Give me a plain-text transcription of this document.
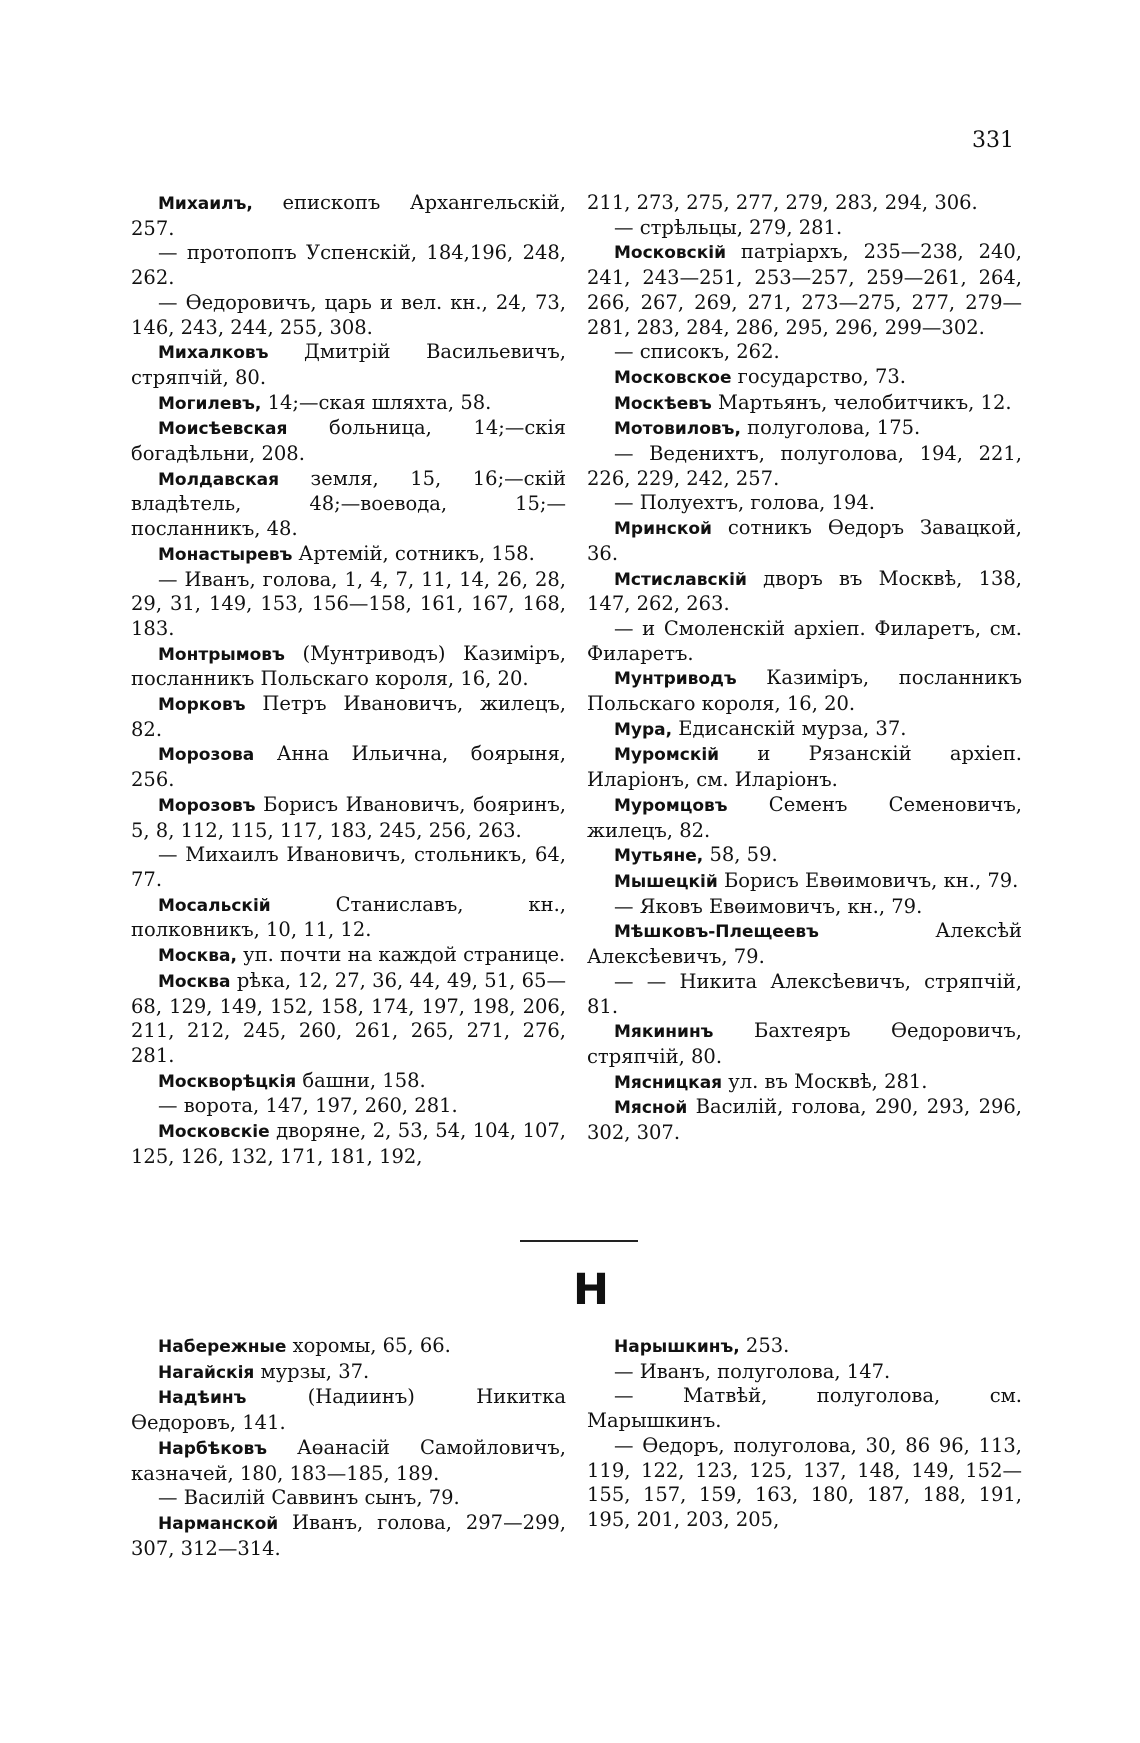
331

Михаилъ, епископъ Архангельскій, 257.

— протопопъ Успенскій, 184,196, 248, 262.

— Өедоровичъ, царь и вел. кн., 24, 73, 146, 243, 244, 255, 308.

Михалковъ Дмитрій Васильевичъ, стряпчій, 80.

Могилевъ, 14;—ская шляхта, 58.

Моисѣевская больница, 14;—скія богадѣльни, 208.

Молдавская земля, 15, 16;—скій владѣтель, 48;—воевода, 15;—посланникъ, 48.

Монастыревъ Артемій, сотникъ, 158.

— Иванъ, голова, 1, 4, 7, 11, 14, 26, 28, 29, 31, 149, 153, 156—158, 161, 167, 168, 183.

Монтрымовъ (Мунтриводъ) Казиміръ, посланникъ Польскаго короля, 16, 20.

Морковъ Петръ Ивановичъ, жилецъ, 82.

Морозова Анна Ильична, боярыня, 256.

Морозовъ Борисъ Ивановичъ, бояринъ, 5, 8, 112, 115, 117, 183, 245, 256, 263.

— Михаилъ Ивановичъ, стольникъ, 64, 77.

Мосальскій Станиславъ, кн., полковникъ, 10, 11, 12.

Москва, уп. почти на каждой странице.

Москва рѣка, 12, 27, 36, 44, 49, 51, 65—68, 129, 149, 152, 158, 174, 197, 198, 206, 211, 212, 245, 260, 261, 265, 271, 276, 281.

Москворѣцкія башни, 158.

— ворота, 147, 197, 260, 281.

Московскіе дворяне, 2, 53, 54, 104, 107, 125, 126, 132, 171, 181, 192,

211, 273, 275, 277, 279, 283, 294, 306.

— стрѣльцы, 279, 281.

Московскій патріархъ, 235—238, 240, 241, 243—251, 253—257, 259—261, 264, 266, 267, 269, 271, 273—275, 277, 279—281, 283, 284, 286, 295, 296, 299—302.

— списокъ, 262.

Московское государство, 73.

Москѣевъ Мартьянъ, челобитчикъ, 12.

Мотовиловъ, полуголова, 175.

— Веденихтъ, полуголова, 194, 221, 226, 229, 242, 257.

— Полуехтъ, голова, 194.

Мринской сотникъ Өедоръ Завацкой, 36.

Мстиславскій дворъ въ Москвѣ, 138, 147, 262, 263.

— и Смоленскій архіеп. Филаретъ, см. Филаретъ.

Мунтриводъ Казиміръ, посланникъ Польскаго короля, 16, 20.

Мура, Едисанскій мурза, 37.

Муромскій и Рязанскій архіеп. Иларіонъ, см. Иларіонъ.

Муромцовъ Семенъ Семеновичъ, жилецъ, 82.

Мутьяне, 58, 59.

Мышецкій Борисъ Евөимовичъ, кн., 79.

— Яковъ Евөимовичъ, кн., 79.

Мѣшковъ-Плещеевъ Алексѣй Алексѣевичъ, 79.

— — Никита Алексѣевичъ, стряпчій, 81.

Мякининъ Бахтеяръ Өедоровичъ, стряпчій, 80.

Мясницкая ул. въ Москвѣ, 281.

Мясной Василій, голова, 290, 293, 296, 302, 307.

Н

Набережные хоромы, 65, 66.

Нагайскія мурзы, 37.

Надѣинъ (Надиинъ) Никитка Өедоровъ, 141.

Нарбѣковъ Аөанасій Самойловичъ, казначей, 180, 183—185, 189.

— Василій Саввинъ сынъ, 79.

Нарманской Иванъ, голова, 297—299, 307, 312—314.

Нарышкинъ, 253.

— Иванъ, полуголова, 147.

— Матвѣй, полуголова, см. Марышкинъ.

— Өедоръ, полуголова, 30, 86 96, 113, 119, 122, 123, 125, 137, 148, 149, 152—155, 157, 159, 163, 180, 187, 188, 191, 195, 201, 203, 205,
